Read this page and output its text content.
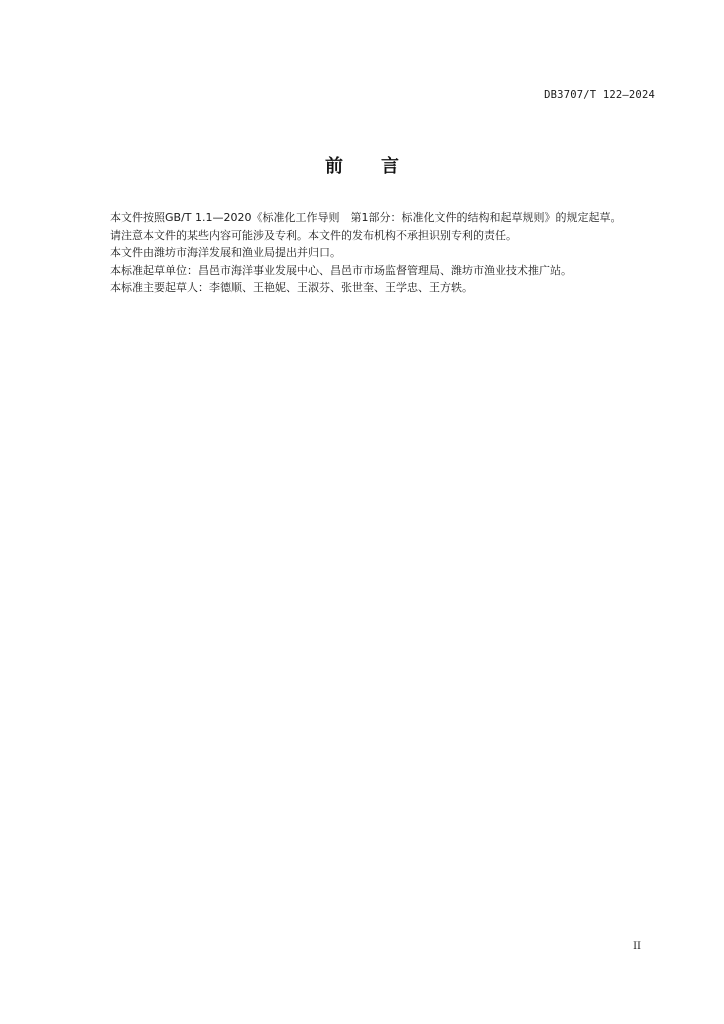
DB3707/T 122—2024
前 言

本文件按照GB/T 1.1—2020《标准化工作导则　第1部分：标准化文件的结构和起草规则》的规定起草。

请注意本文件的某些内容可能涉及专利。本文件的发布机构不承担识别专利的责任。

本文件由潍坊市海洋发展和渔业局提出并归口。

本标准起草单位：昌邑市海洋事业发展中心、昌邑市市场监督管理局、潍坊市渔业技术推广站。

本标准主要起草人：李德顺、王艳妮、王淑芬、张世奎、王学忠、王方轶。

II
